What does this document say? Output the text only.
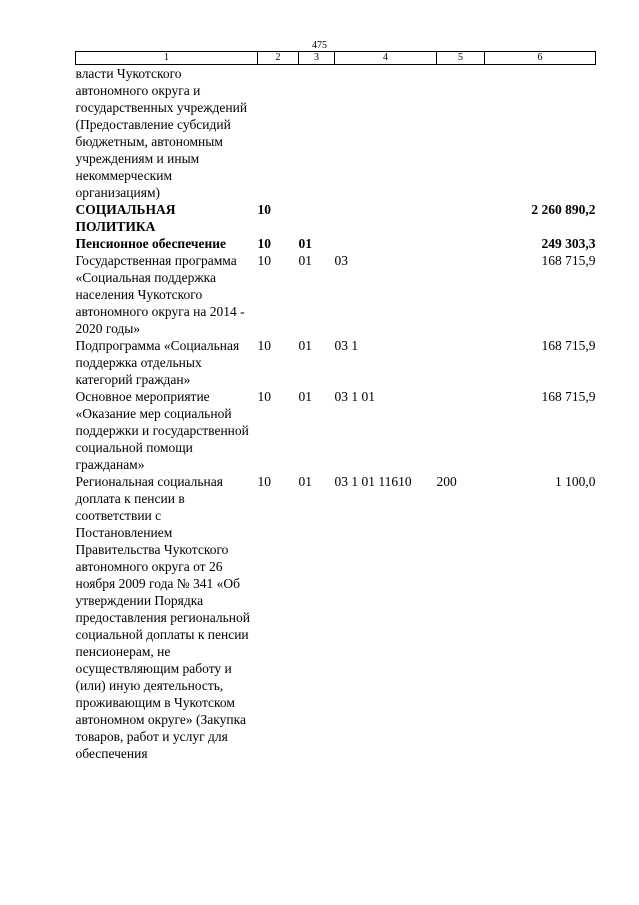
475
1	2	3	4	5	6
власти Чукотского автономного округа и государственных учреждений (Предоставление субсидий бюджетным, автономным учреждениям и иным некоммерческим организациям)					
СОЦИАЛЬНАЯ ПОЛИТИКА	10				2 260 890,2
Пенсионное обеспечение	10	01			249 303,3
Государственная программа «Социальная поддержка населения Чукотского автономного округа на 2014 - 2020 годы»	10	01	03		168 715,9
Подпрограмма «Социальная поддержка отдельных категорий граждан»	10	01	03 1		168 715,9
Основное мероприятие «Оказание мер социальной поддержки и государственной социальной помощи гражданам»	10	01	03 1 01		168 715,9
Региональная социальная доплата к пенсии в соответствии с Постановлением Правительства Чукотского автономного округа от 26 ноября 2009 года № 341 «Об утверждении Порядка предоставления региональной социальной доплаты к пенсии пенсионерам, не осуществляющим работу и (или) иную деятельность, проживающим в Чукотском автономном округе» (Закупка товаров, работ и услуг для обеспечения	10	01	03 1 01 11610	200	1 100,0
